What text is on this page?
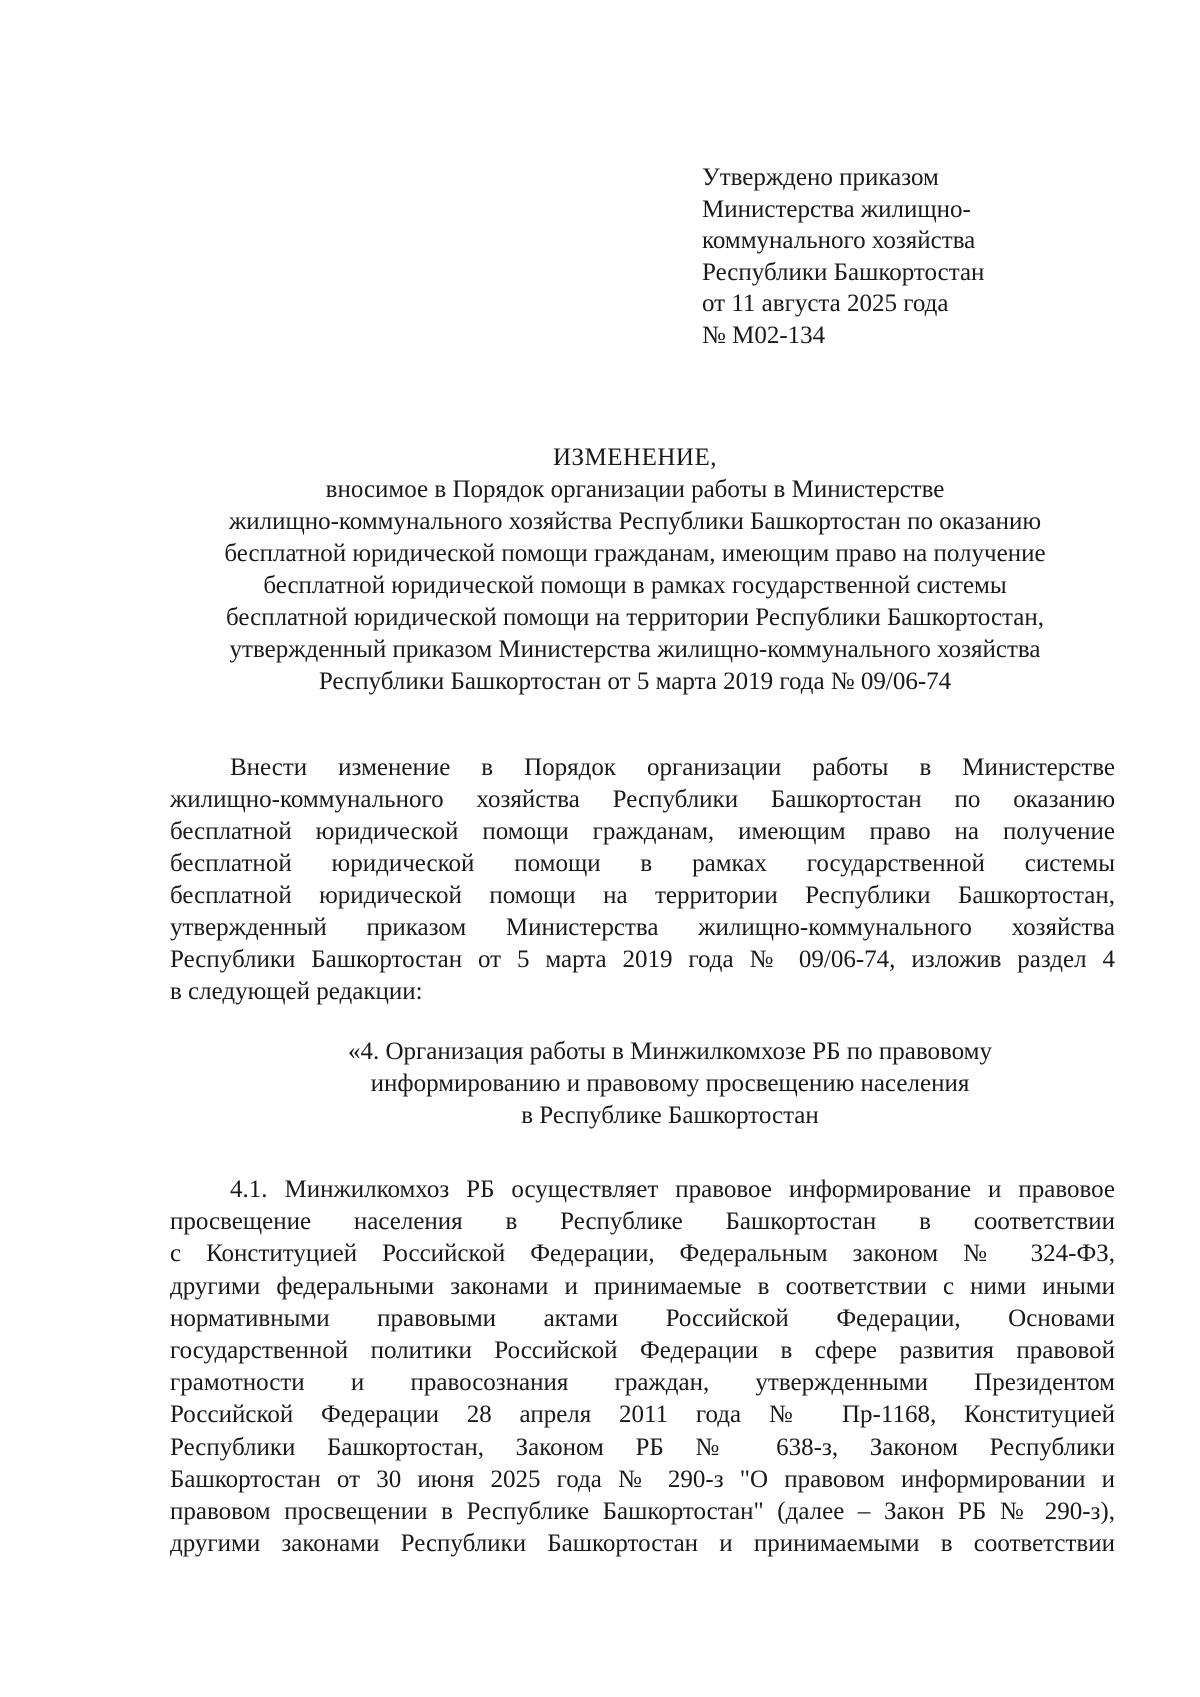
Утверждено приказом
Министерства жилищно-
коммунального хозяйства
Республики Башкортостан
от 11 августа 2025 года
№ М02-134
ИЗМЕНЕНИЕ,
вносимое в Порядок организации работы в Министерстве
жилищно-коммунального хозяйства Республики Башкортостан по оказанию
бесплатной юридической помощи гражданам, имеющим право на получение
бесплатной юридической помощи в рамках государственной системы
бесплатной юридической помощи на территории Республики Башкортостан,
утвержденный приказом Министерства жилищно-коммунального хозяйства
Республики Башкортостан от 5 марта 2019 года № 09/06-74
Внести изменение в Порядок организации работы в Министерстве
жилищно-коммунального хозяйства Республики Башкортостан по оказанию
бесплатной юридической помощи гражданам, имеющим право на получение
бесплатной юридической помощи в рамках государственной системы
бесплатной юридической помощи на территории Республики Башкортостан,
утвержденный приказом Министерства жилищно-коммунального хозяйства
Республики Башкортостан от 5 марта 2019 года № 09/06-74, изложив раздел 4
в следующей редакции:
«4. Организация работы в Минжилкомхозе РБ по правовому
информированию и правовому просвещению населения
в Республике Башкортостан
4.1. Минжилкомхоз РБ осуществляет правовое информирование и правовое
просвещение населения в Республике Башкортостан в соответствии
с Конституцией Российской Федерации, Федеральным законом № 324-ФЗ,
другими федеральными законами и принимаемые в соответствии с ними иными
нормативными правовыми актами Российской Федерации, Основами
государственной политики Российской Федерации в сфере развития правовой
грамотности и правосознания граждан, утвержденными Президентом
Российской Федерации 28 апреля 2011 года № Пр-1168, Конституцией
Республики Башкортостан, Законом РБ № 638-з, Законом Республики
Башкортостан от 30 июня 2025 года № 290-з "О правовом информировании и
правовом просвещении в Республике Башкортостан" (далее – Закон РБ № 290-з),
другими законами Республики Башкортостан и принимаемыми в соответствии
